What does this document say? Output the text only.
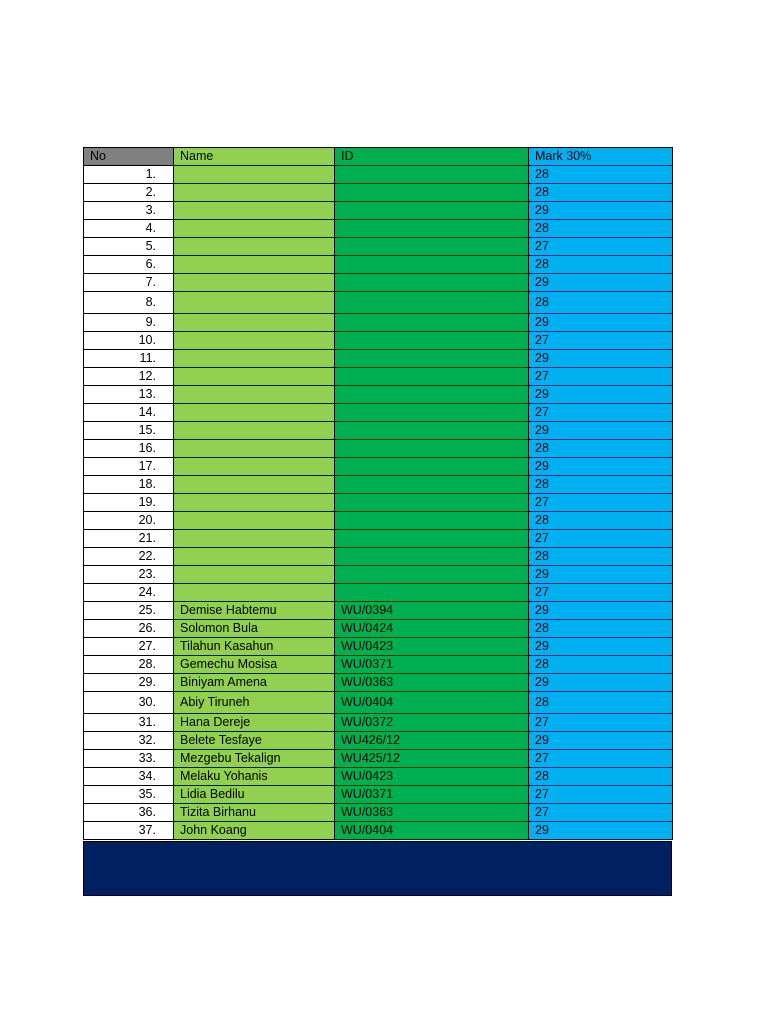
No	Name	ID	Mark 30%
1.			28
2.			28
3.			29
4.			28
5.			27
6.			28
7.			29
8.			28
9.			29
10.			27
11.			29
12.			27
13.			29
14.			27
15.			29
16.			28
17.			29
18.			28
19.			27
20.			28
21.			27
22.			28
23.			29
24.			27
25.	Demise Habtemu	WU/0394	29
26.	Solomon Bula	WU/0424	28
27.	Tilahun Kasahun	WU/0423	29
28.	Gemechu Mosisa	WU/0371	28
29.	Biniyam Amena	WU/0363	29
30.	Abiy Tiruneh	WU/0404	28
31.	Hana Dereje	WU/0372	27
32.	Belete Tesfaye	WU426/12	29
33.	Mezgebu Tekalign	WU425/12	27
34.	Melaku Yohanis	WU/0423	28
35.	Lidia Bedilu	WU/0371	27
36.	Tizita Birhanu	WU/0363	27
37.	John Koang	WU/0404	29
